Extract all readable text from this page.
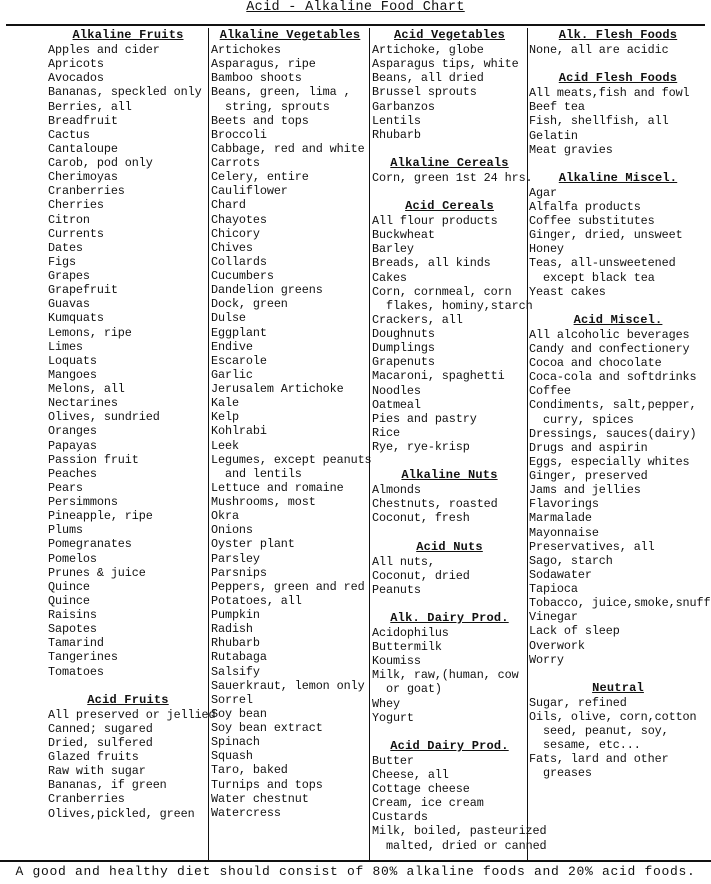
Acid - Alkaline Food Chart
Alkaline Fruits
Apples and cider
Apricots
Avocados
Bananas, speckled only
Berries, all
Breadfruit
Cactus
Cantaloupe
Carob, pod only
Cherimoyas
Cranberries
Cherries
Citron
Currents
Dates
Figs
Grapes
Grapefruit
Guavas
Kumquats
Lemons, ripe
Limes
Loquats
Mangoes
Melons, all
Nectarines
Olives, sundried
Oranges
Papayas
Passion fruit
Peaches
Pears
Persimmons
Pineapple, ripe
Plums
Pomegranates
Pomelos
Prunes & juice
Quince
Quince
Raisins
Sapotes
Tamarind
Tangerines
Tomatoes
Acid Fruits
All preserved or jellied
Canned; sugared
Dried, sulfered
Glazed fruits
Raw with sugar
Bananas, if green
Cranberries
Olives,pickled, green
Alkaline Vegetables
Artichokes
Asparagus, ripe
Bamboo shoots
Beans, green, lima ,
string, sprouts
Beets and tops
Broccoli
Cabbage, red and white
Carrots
Celery, entire
Cauliflower
Chard
Chayotes
Chicory
Chives
Collards
Cucumbers
Dandelion greens
Dock, green
Dulse
Eggplant
Endive
Escarole
Garlic
Jerusalem Artichoke
Kale
Kelp
Kohlrabi
Leek
Legumes, except peanuts
and lentils
Lettuce and romaine
Mushrooms, most
Okra
Onions
Oyster plant
Parsley
Parsnips
Peppers, green and red
Potatoes, all
Pumpkin
Radish
Rhubarb
Rutabaga
Salsify
Sauerkraut, lemon only
Sorrel
Soy bean
Soy bean extract
Spinach
Squash
Taro, baked
Turnips and tops
Water chestnut
Watercress
Acid Vegetables
Artichoke, globe
Asparagus tips, white
Beans, all dried
Brussel sprouts
Garbanzos
Lentils
Rhubarb
Alkaline Cereals
Corn, green 1st 24 hrs.
Acid Cereals
All flour products
Buckwheat
Barley
Breads, all kinds
Cakes
Corn, cornmeal, corn
flakes, hominy,starch
Crackers, all
Doughnuts
Dumplings
Grapenuts
Macaroni, spaghetti
Noodles
Oatmeal
Pies and pastry
Rice
Rye, rye-krisp
Alkaline Nuts
Almonds
Chestnuts, roasted
Coconut, fresh
Acid Nuts
All nuts,
Coconut, dried
Peanuts
Alk. Dairy Prod.
Acidophilus
Buttermilk
Koumiss
Milk, raw,(human, cow
or goat)
Whey
Yogurt
Acid Dairy Prod.
Butter
Cheese, all
Cottage cheese
Cream, ice cream
Custards
Milk, boiled, pasteurized
malted, dried or canned
Alk. Flesh Foods
None, all are acidic
Acid Flesh Foods
All meats,fish and fowl
Beef tea
Fish, shellfish, all
Gelatin
Meat gravies
Alkaline Miscel.
Agar
Alfalfa products
Coffee substitutes
Ginger, dried, unsweet
Honey
Teas, all-unsweetened
except black tea
Yeast cakes
Acid Miscel.
All alcoholic beverages
Candy and confectionery
Cocoa and chocolate
Coca-cola and softdrinks
Coffee
Condiments, salt,pepper,
curry, spices
Dressings, sauces(dairy)
Drugs and aspirin
Eggs, especially whites
Ginger, preserved
Jams and jellies
Flavorings
Marmalade
Mayonnaise
Preservatives, all
Sago, starch
Sodawater
Tapioca
Tobacco, juice,smoke,snuff
Vinegar
Lack of sleep
Overwork
Worry
Neutral
Sugar, refined
Oils, olive, corn,cotton
seed, peanut, soy,
sesame, etc...
Fats, lard and other
greases
A good and healthy diet should consist of 80% alkaline foods and 20% acid foods.
